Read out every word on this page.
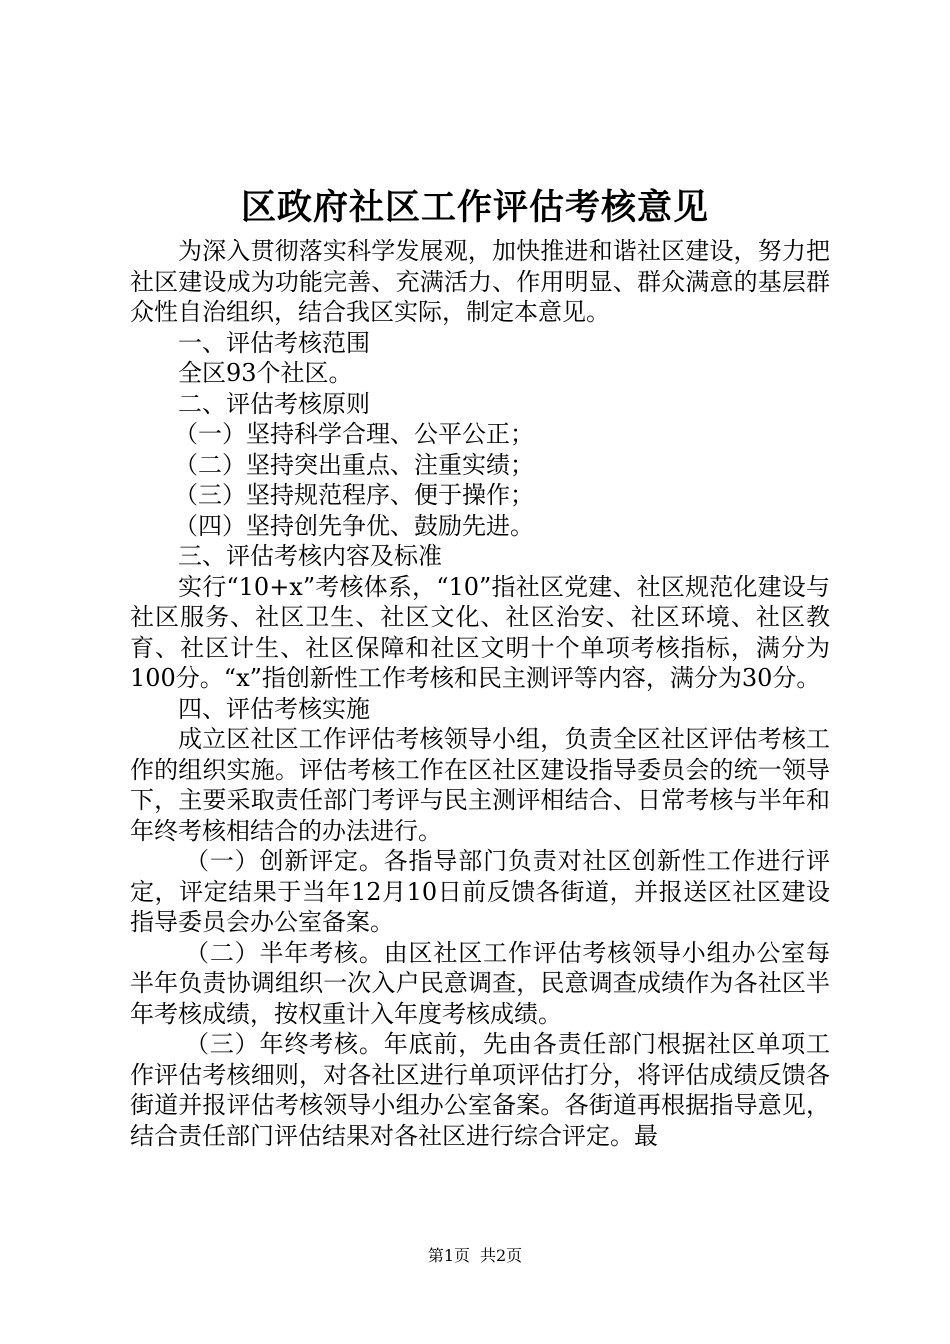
区政府社区工作评估考核意见

为深入贯彻落实科学发展观，加快推进和谐社区建设，努力把社区建设成为功能完善、充满活力、作用明显、群众满意的基层群众性自治组织，结合我区实际，制定本意见。

一、评估考核范围

全区93个社区。

二、评估考核原则

（一）坚持科学合理、公平公正；

（二）坚持突出重点、注重实绩；

（三）坚持规范程序、便于操作；

（四）坚持创先争优、鼓励先进。

三、评估考核内容及标准

实行“10+x”考核体系，“10”指社区党建、社区规范化建设与社区服务、社区卫生、社区文化、社区治安、社区环境、社区教育、社区计生、社区保障和社区文明十个单项考核指标，满分为100分。“x”指创新性工作考核和民主测评等内容，满分为30分。

四、评估考核实施

成立区社区工作评估考核领导小组，负责全区社区评估考核工作的组织实施。评估考核工作在区社区建设指导委员会的统一领导下，主要采取责任部门考评与民主测评相结合、日常考核与半年和年终考核相结合的办法进行。

（一）创新评定。各指导部门负责对社区创新性工作进行评定，评定结果于当年12月10日前反馈各街道，并报送区社区建设指导委员会办公室备案。

（二）半年考核。由区社区工作评估考核领导小组办公室每半年负责协调组织一次入户民意调查，民意调查成绩作为各社区半年考核成绩，按权重计入年度考核成绩。

（三）年终考核。年底前，先由各责任部门根据社区单项工作评估考核细则，对各社区进行单项评估打分，将评估成绩反馈各街道并报评估考核领导小组办公室备案。各街道再根据指导意见，结合责任部门评估结果对各社区进行综合评定。最

第1页 共2页
